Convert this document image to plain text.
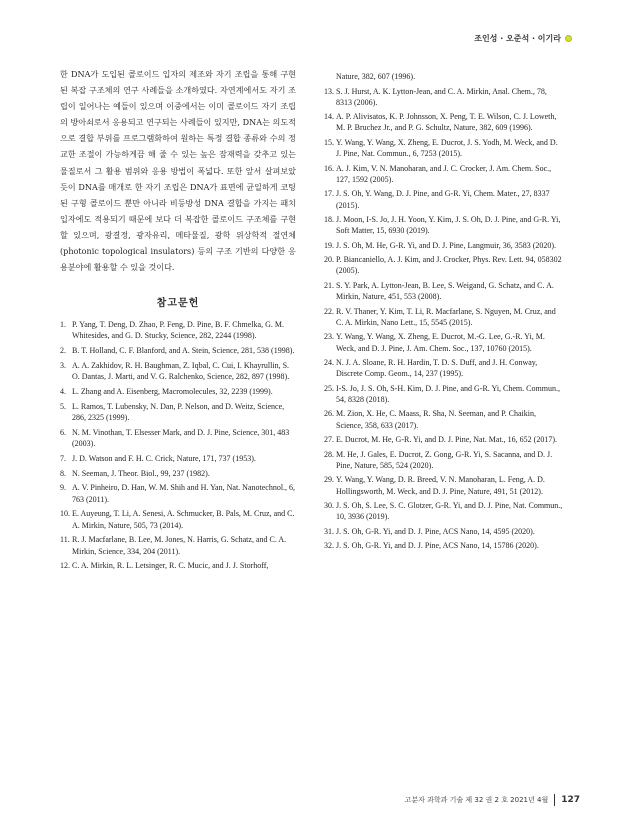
조인성 · 오준석 · 이기라

한 DNA가 도입된 콜로이드 입자의 제조와 자기 조립을 통해 구현된 복잡 구조체의 연구 사례들을 소개하였다. 자연계에서도 자기 조립이 일어나는 예들이 있으며 이중에서는 이미 콜로이드 자기 조립의 방아쇠로서 응용되고 연구되는 사례들이 있지만, DNA는 의도적으로 결합 부위를 프로그램화하여 원하는 특정 결합 종류와 수의 정교한 조절이 가능하게끔 해 줄 수 있는 높은 잠재력을 갖추고 있는 물질로서 그 활용 범위와 응용 방법이 폭넓다. 또한 앞서 살펴보았듯이 DNA를 매개로 한 자기 조립은 DNA가 표면에 균일하게 코팅된 구형 콜로이드 뿐만 아니라 비등방성 DNA 결합을 가지는 패치 입자에도 적용되기 때문에 보다 더 복잡한 콜로이드 구조체를 구현할 있으며, 광결정, 광자유리, 메타물질, 광학 위상학적 절연체(photonic topological insulators) 등의 구조 기반의 다양한 응용분야에 활용할 수 있을 것이다.

참고문헌
1. P. Yang, T. Deng, D. Zhao, P. Feng, D. Pine, B. F. Chmelka, G. M. Whitesides, and G. D. Stucky, Science, 282, 2244 (1998).
2. B. T. Holland, C. F. Blanford, and A. Stein, Science, 281, 538 (1998).
3. A. A. Zakhidov, R. H. Baughman, Z. Iqbal, C. Cui, I. Khayrullin, S. O. Dantas, J. Marti, and V. G. Ralchenko, Science, 282, 897 (1998).
4. L. Zhang and A. Eisenberg, Macromolecules, 32, 2239 (1999).
5. L. Ramos, T. Lubensky, N. Dan, P. Nelson, and D. Weitz, Science, 286, 2325 (1999).
6. N. M. Vinothan, T. Elsesser Mark, and D. J. Pine, Science, 301, 483 (2003).
7. J. D. Watson and F. H. C. Crick, Nature, 171, 737 (1953).
8. N. Seeman, J. Theor. Biol., 99, 237 (1982).
9. A. V. Pinheiro, D. Han, W. M. Shih and H. Yan, Nat. Nanotechnol., 6, 763 (2011).
10. E. Auyeung, T. Li, A. Senesi, A. Schmucker, B. Pals, M. Cruz, and C. A. Mirkin, Nature, 505, 73 (2014).
11. R. J. Macfarlane, B. Lee, M. Jones, N. Harris, G. Schatz, and C. A. Mirkin, Science, 334, 204 (2011).
12. C. A. Mirkin, R. L. Letsinger, R. C. Mucic, and J. J. Storhoff,
Nature, 382, 607 (1996).
13. S. J. Hurst, A. K. Lytton-Jean, and C. A. Mirkin, Anal. Chem., 78, 8313 (2006).
14. A. P. Alivisatos, K. P. Johnsson, X. Peng, T. E. Wilson, C. J. Loweth, M. P. Bruchez Jr., and P. G. Schultz, Nature, 382, 609 (1996).
15. Y. Wang, Y. Wang, X. Zheng, E. Ducrot, J. S. Yodh, M. Weck, and D. J. Pine, Nat. Commun., 6, 7253 (2015).
16. A. J. Kim, V. N. Manoharan, and J. C. Crocker, J. Am. Chem. Soc., 127, 1592 (2005).
17. J. S. Oh, Y. Wang, D. J. Pine, and G-R. Yi, Chem. Mater., 27, 8337 (2015).
18. J. Moon, I-S. Jo, J. H. Yoon, Y. Kim, J. S. Oh, D. J. Pine, and G-R. Yi, Soft Matter, 15, 6930 (2019).
19. J. S. Oh, M. He, G-R. Yi, and D. J. Pine, Langmuir, 36, 3583 (2020).
20. P. Biancaniello, A. J. Kim, and J. Crocker, Phys. Rev. Lett. 94, 058302 (2005).
21. S. Y. Park, A. Lytton-Jean, B. Lee, S. Weigand, G. Schatz, and C. A. Mirkin, Nature, 451, 553 (2008).
22. R. V. Thaner, Y. Kim, T. Li, R. Macfarlane, S. Nguyen, M. Cruz, and C. A. Mirkin, Nano Lett., 15, 5545 (2015).
23. Y. Wang, Y. Wang, X. Zheng, E. Ducrot, M.-G. Lee, G.-R. Yi, M. Weck, and D. J. Pine, J. Am. Chem. Soc., 137, 10760 (2015).
24. N. J. A. Sloane, R. H. Hardin, T. D. S. Duff, and J. H. Conway, Discrete Comp. Geom., 14, 237 (1995).
25. I-S. Jo, J. S. Oh, S-H. Kim, D. J. Pine, and G-R. Yi, Chem. Commun., 54, 8328 (2018).
26. M. Zion, X. He, C. Maass, R. Sha, N. Seeman, and P. Chaikin, Science, 358, 633 (2017).
27. E. Ducrot, M. He, G-R. Yi, and D. J. Pine, Nat. Mat., 16, 652 (2017).
28. M. He, J. Gales, E. Ducrot, Z. Gong, G-R. Yi, S. Sacanna, and D. J. Pine, Nature, 585, 524 (2020).
29. Y. Wang, Y. Wang, D. R. Breed, V. N. Manoharan, L. Feng, A. D. Hollingsworth, M. Weck, and D. J. Pine, Nature, 491, 51 (2012).
30. J. S. Oh, S. Lee, S. C. Glotzer, G-R. Yi, and D. J. Pine, Nat. Commun., 10, 3936 (2019).
31. J. S. Oh, G-R. Yi, and D. J. Pine, ACS Nano, 14, 4595 (2020).
32. J. S. Oh, G-R. Yi, and D. J. Pine, ACS Nano, 14, 15786 (2020).
고분자 과학과 기술 제 32 권 2 호 2021년 4월 127
